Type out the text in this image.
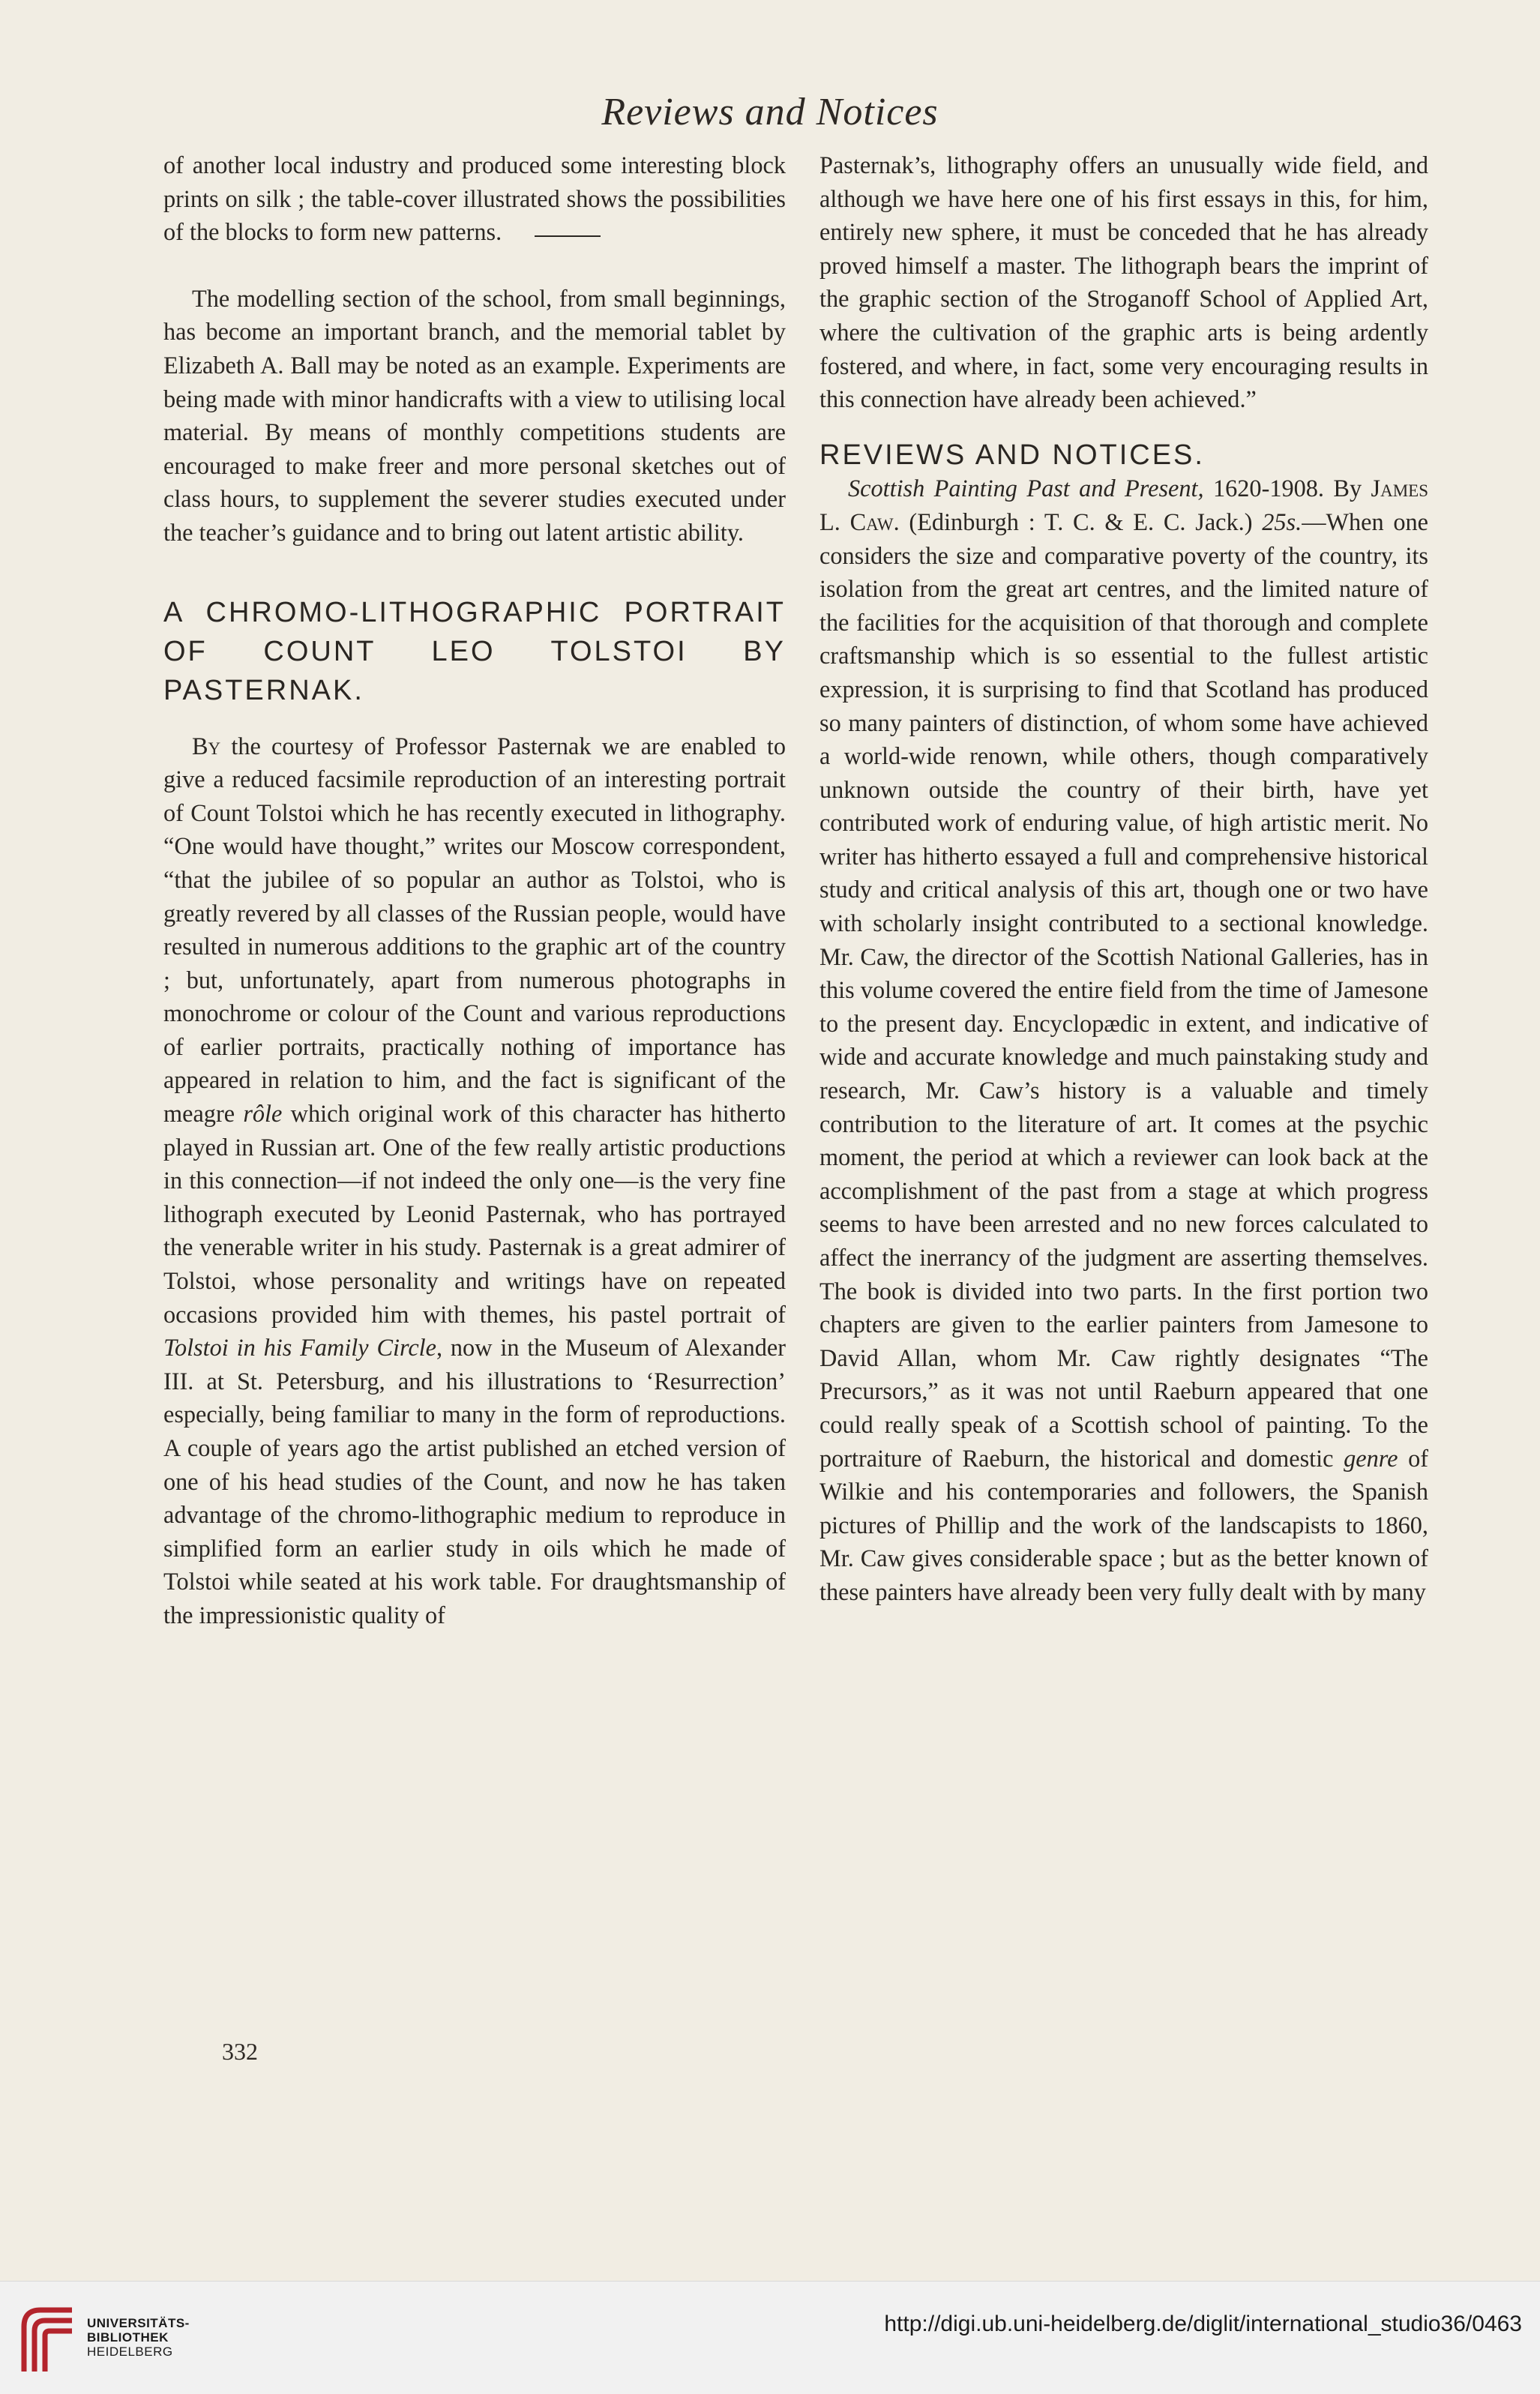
Reviews and Notices

of another local industry and produced some interesting block prints on silk ; the table-cover illustrated shows the possibilities of the blocks to form new patterns.

The modelling section of the school, from small beginnings, has become an important branch, and the memorial tablet by Elizabeth A. Ball may be noted as an example. Experiments are being made with minor handicrafts with a view to utilising local material. By means of monthly competitions students are encouraged to make freer and more personal sketches out of class hours, to supplement the severer studies executed under the teacher’s guidance and to bring out latent artistic ability.

A CHROMO-LITHOGRAPHIC PORTRAIT OF COUNT LEO TOLSTOI BY PASTERNAK.

By the courtesy of Professor Pasternak we are enabled to give a reduced facsimile reproduction of an interesting portrait of Count Tolstoi which he has recently executed in lithography. “One would have thought,” writes our Moscow correspondent, “that the jubilee of so popular an author as Tolstoi, who is greatly revered by all classes of the Russian people, would have resulted in numerous additions to the graphic art of the country ; but, unfortunately, apart from numerous photographs in monochrome or colour of the Count and various reproductions of earlier portraits, practically nothing of importance has appeared in relation to him, and the fact is significant of the meagre rôle which original work of this character has hitherto played in Russian art. One of the few really artistic productions in this connection—if not indeed the only one—is the very fine lithograph executed by Leonid Pasternak, who has portrayed the venerable writer in his study. Pasternak is a great admirer of Tolstoi, whose personality and writings have on repeated occasions provided him with themes, his pastel portrait of Tolstoi in his Family Circle, now in the Museum of Alexander III. at St. Petersburg, and his illustrations to ‘Resurrection’ especially, being familiar to many in the form of reproductions. A couple of years ago the artist published an etched version of one of his head studies of the Count, and now he has taken advantage of the chromo-lithographic medium to reproduce in simplified form an earlier study in oils which he made of Tolstoi while seated at his work table. For draughtsmanship of the impressionistic quality of

Pasternak’s, lithography offers an unusually wide field, and although we have here one of his first essays in this, for him, entirely new sphere, it must be conceded that he has already proved himself a master. The lithograph bears the imprint of the graphic section of the Stroganoff School of Applied Art, where the cultivation of the graphic arts is being ardently fostered, and where, in fact, some very encouraging results in this connection have already been achieved.”

REVIEWS AND NOTICES.

Scottish Painting Past and Present, 1620-1908. By James L. Caw. (Edinburgh : T. C. & E. C. Jack.) 25s.—When one considers the size and comparative poverty of the country, its isolation from the great art centres, and the limited nature of the facilities for the acquisition of that thorough and complete craftsmanship which is so essential to the fullest artistic expression, it is surprising to find that Scotland has produced so many painters of distinction, of whom some have achieved a world-wide renown, while others, though comparatively unknown outside the country of their birth, have yet contributed work of enduring value, of high artistic merit. No writer has hitherto essayed a full and comprehensive historical study and critical analysis of this art, though one or two have with scholarly insight contributed to a sectional knowledge. Mr. Caw, the director of the Scottish National Galleries, has in this volume covered the entire field from the time of Jamesone to the present day. Encyclopædic in extent, and indicative of wide and accurate knowledge and much painstaking study and research, Mr. Caw’s history is a valuable and timely contribution to the literature of art. It comes at the psychic moment, the period at which a reviewer can look back at the accomplishment of the past from a stage at which progress seems to have been arrested and no new forces calculated to affect the inerrancy of the judgment are asserting themselves. The book is divided into two parts. In the first portion two chapters are given to the earlier painters from Jamesone to David Allan, whom Mr. Caw rightly designates “The Precursors,” as it was not until Raeburn appeared that one could really speak of a Scottish school of painting. To the portraiture of Raeburn, the historical and domestic genre of Wilkie and his contemporaries and followers, the Spanish pictures of Phillip and the work of the landscapists to 1860, Mr. Caw gives considerable space ; but as the better known of these painters have already been very fully dealt with by many

332
UNIVERSITÄTS-
BIBLIOTHEK
HEIDELBERG
http://digi.ub.uni-heidelberg.de/diglit/international_studio36/0463
